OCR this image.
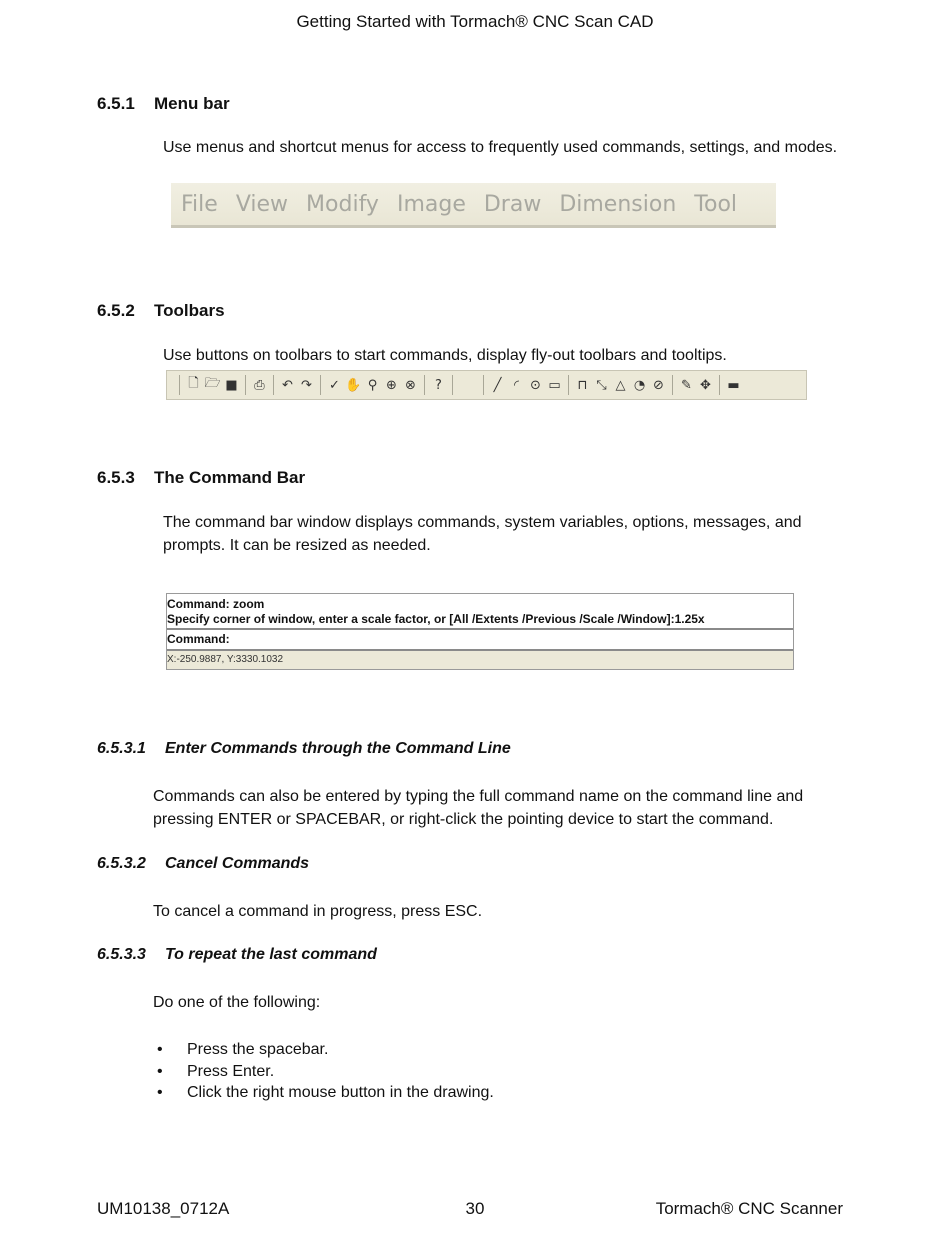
Getting Started with Tormach® CNC Scan CAD
6.5.1 Menu bar
Use menus and shortcut menus for access to frequently used commands, settings, and modes.
File View Modify Image Draw Dimension Tool
6.5.2 Toolbars
Use buttons on toolbars to start commands, display fly-out toolbars and tooltips.
🗋 🗁 ■	⎙	↶ ↷	✓ ✋ ⚲ ⊕ ⊗	?	╱ ◜ ⊙ ▭	⊓ ⤡ △ ◔ ⊘	✎ ✥	▬
6.5.3 The Command Bar
The command bar window displays commands, system variables, options, messages, and
prompts. It can be resized as needed.
Command: zoom
Specify corner of window, enter a scale factor, or [All /Extents /Previous /Scale /Window]:1.25x
Command:
X:-250.9887, Y:3330.1032
6.5.3.1 Enter Commands through the Command Line
Commands can also be entered by typing the full command name on the command line and
pressing ENTER or SPACEBAR, or right-click the pointing device to start the command.
6.5.3.2 Cancel Commands
To cancel a command in progress, press ESC.
6.5.3.3 To repeat the last command
Do one of the following:
• Press the spacebar.
• Press Enter.
• Click the right mouse button in the drawing.
UM10138_0712A	30	Tormach® CNC Scanner
